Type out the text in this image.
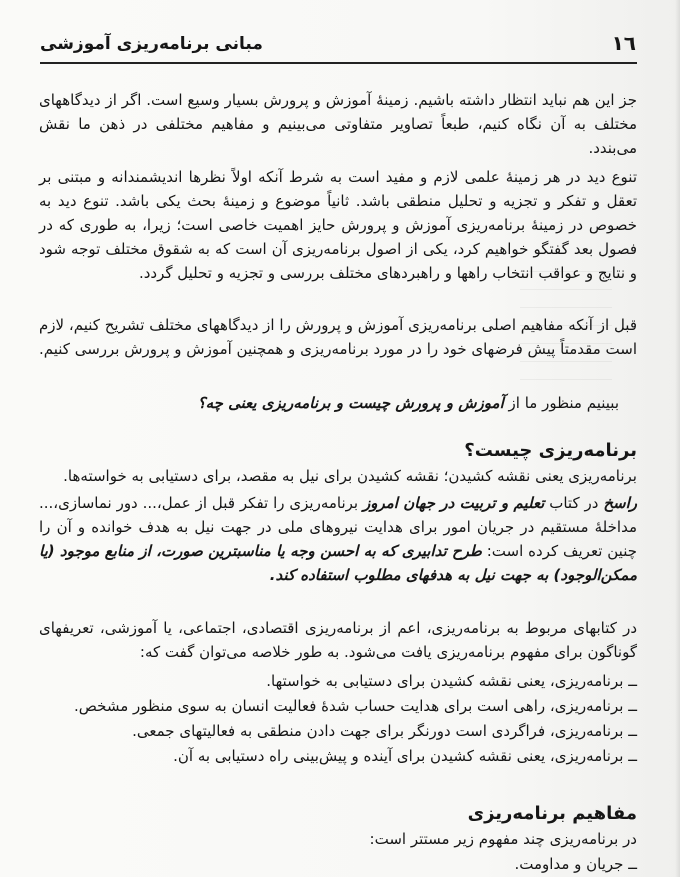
١٦
مبانی برنامه‌ریزی آموزشی

جز این هم نباید انتظار داشته باشیم. زمینهٔ آموزش و پرورش بسیار وسیع است. اگر از دیدگاههای مختلف به آن نگاه کنیم، طبعاً تصاویر متفاوتی می‌بینیم و مفاهیم مختلفی در ذهن ما نقش می‌بندد.

تنوع دید در هر زمینهٔ علمی لازم و مفید است به شرط آنکه اولاً نظرها اندیشمندانه و مبتنی بر تعقل و تفکر و تجزیه و تحلیل منطقی باشد. ثانیاً موضوع و زمینهٔ بحث یکی باشد. تنوع دید به خصوص در زمینهٔ برنامه‌ریزی آموزش و پرورش حایز اهمیت خاصی است؛ زیرا، به طوری که در فصول بعد گفتگو خواهیم کرد، یکی از اصول برنامه‌ریزی آن است که به شقوق مختلف توجه شود و نتایج و عواقب انتخاب راهها و راهبردهای مختلف بررسی و تجزیه و تحلیل گردد.

قبل از آنکه مفاهیم اصلی برنامه‌ریزی آموزش و پرورش را از دیدگاههای مختلف تشریح کنیم، لازم است مقدمتاً پیش فرضهای خود را در مورد برنامه‌ریزی و همچنین آموزش و پرورش بررسی کنیم.

ببینیم منظور ما از آموزش و پرورش چیست و برنامه‌ریزی یعنی چه؟

برنامه‌ریزی چیست؟

برنامه‌ریزی یعنی نقشه کشیدن؛ نقشه کشیدن برای نیل به مقصد، برای دستیابی به خواسته‌ها.

راسخ در کتاب تعلیم و تربیت در جهان امروز برنامه‌ریزی را تفکر قبل از عمل،... دور نماسازی،... مداخلهٔ مستقیم در جریان امور برای هدایت نیروهای ملی در جهت نیل به هدف خوانده و آن را چنین تعریف کرده است: طرح تدابیری که به احسن وجه یا مناسبترین صورت، از منابع موجود (یا ممکن‌الوجود) به جهت نیل به هدفهای مطلوب استفاده کند.

در کتابهای مربوط به برنامه‌ریزی، اعم از برنامه‌ریزی اقتصادی، اجتماعی، یا آموزشی، تعریفهای گوناگون برای مفهوم برنامه‌ریزی یافت می‌شود. به طور خلاصه می‌توان گفت که:

ــ برنامه‌ریزی، یعنی نقشه کشیدن برای دستیابی به خواستها.

ــ برنامه‌ریزی، راهی است برای هدایت حساب شدهٔ فعالیت انسان به سوی منظور مشخص.

ــ برنامه‌ریزی، فراگردی است دورنگر برای جهت دادن منطقی به فعالیتهای جمعی.

ــ برنامه‌ریزی، یعنی نقشه کشیدن برای آینده و پیش‌بینی راه دستیابی به آن.

مفاهیم برنامه‌ریزی

در برنامه‌ریزی چند مفهوم زیر مستتر است:

ــ جریان و مداومت.
